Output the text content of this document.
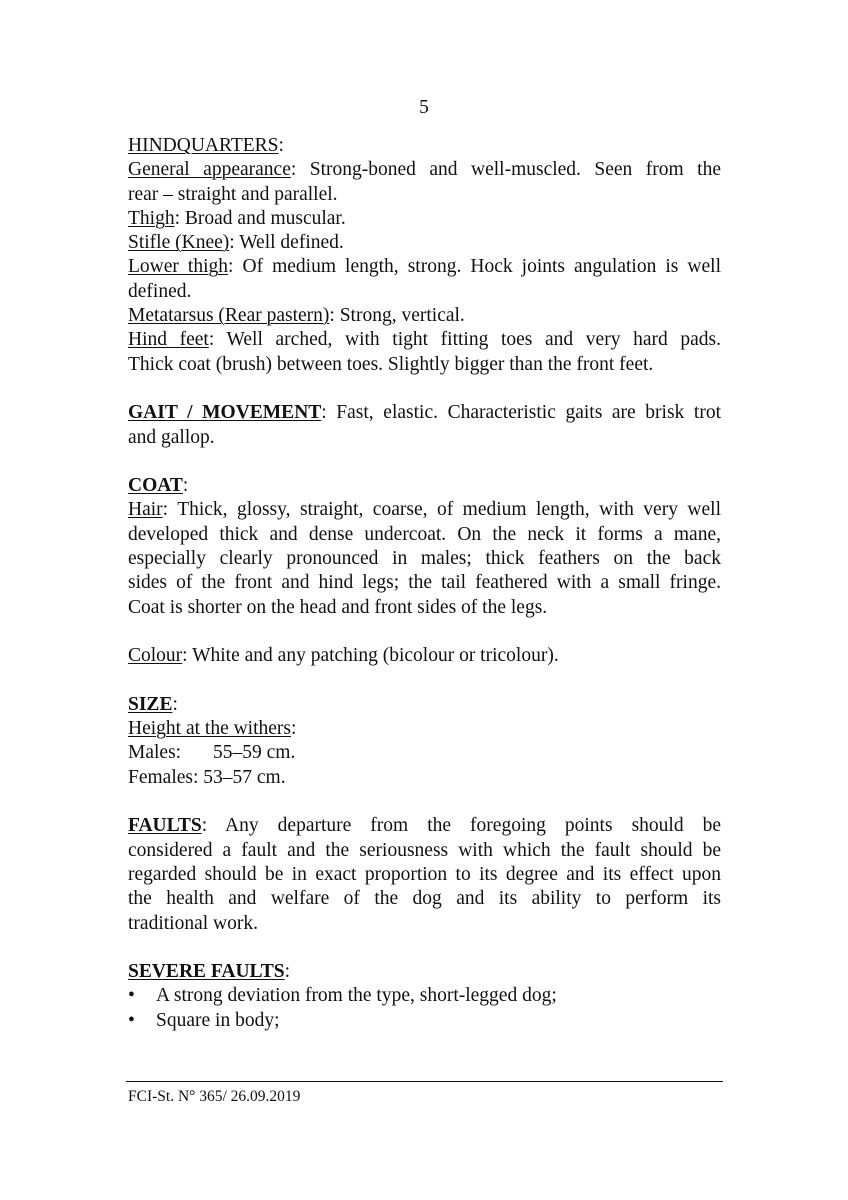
5
HINDQUARTERS:
General appearance: Strong-boned and well-muscled. Seen from the
rear – straight and parallel.
Thigh: Broad and muscular.
Stifle (Knee): Well defined.
Lower thigh: Of medium length, strong. Hock joints angulation is well
defined.
Metatarsus (Rear pastern): Strong, vertical.
Hind feet: Well arched, with tight fitting toes and very hard pads.
Thick coat (brush) between toes. Slightly bigger than the front feet.
GAIT / MOVEMENT: Fast, elastic. Characteristic gaits are brisk trot
and gallop.
COAT:
Hair: Thick, glossy, straight, coarse, of medium length, with very well
developed thick and dense undercoat. On the neck it forms a mane,
especially clearly pronounced in males; thick feathers on the back
sides of the front and hind legs; the tail feathered with a small fringe.
Coat is shorter on the head and front sides of the legs.
Colour: White and any patching (bicolour or tricolour).
SIZE:
Height at the withers:
Males: 55–59 cm.
Females: 53–57 cm.
FAULTS: Any departure from the foregoing points should be
considered a fault and the seriousness with which the fault should be
regarded should be in exact proportion to its degree and its effect upon
the health and welfare of the dog and its ability to perform its
traditional work.
SEVERE FAULTS:
• A strong deviation from the type, short-legged dog;
• Square in body;
FCI-St. N° 365/ 26.09.2019
